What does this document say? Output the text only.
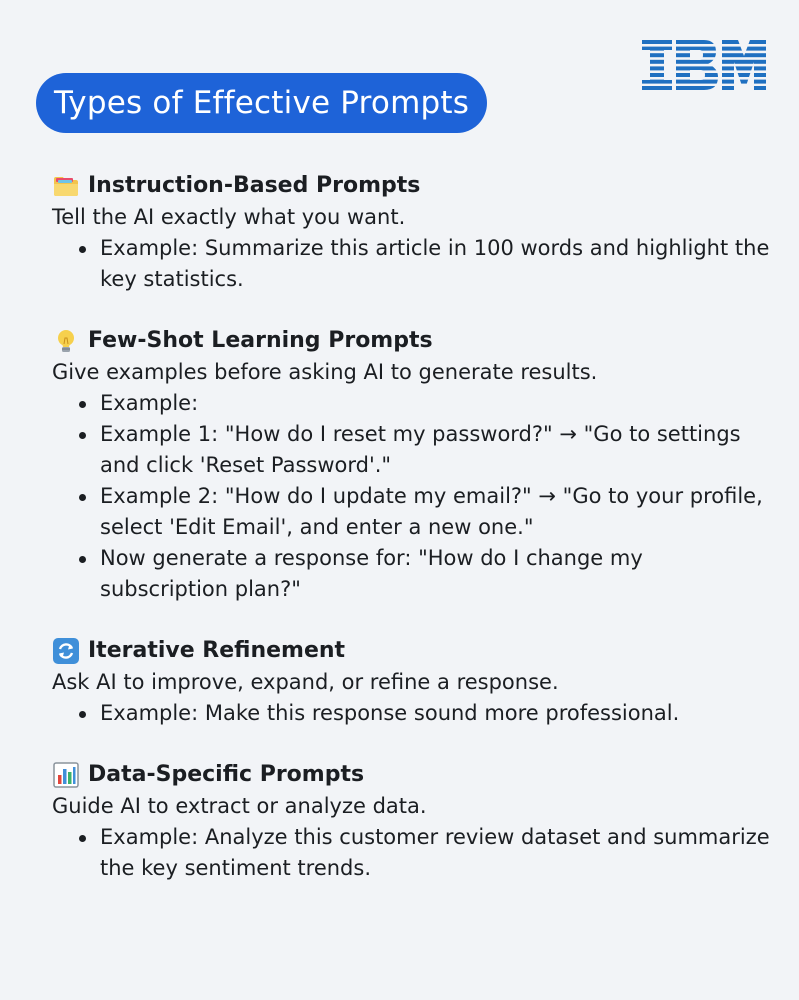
Types of Effective Prompts
Instruction-Based Prompts
Tell the AI exactly what you want.
Example: Summarize this article in 100 words and highlight the key statistics.
Few-Shot Learning Prompts
Give examples before asking AI to generate results.
Example:
Example 1: "How do I reset my password?" → "Go to settings and click 'Reset Password'."
Example 2: "How do I update my email?" → "Go to your profile, select 'Edit Email', and enter a new one."
Now generate a response for: "How do I change my subscription plan?"
Iterative Refinement
Ask AI to improve, expand, or refine a response.
Example: Make this response sound more professional.
Data-Specific Prompts
Guide AI to extract or analyze data.
Example: Analyze this customer review dataset and summarize the key sentiment trends.
